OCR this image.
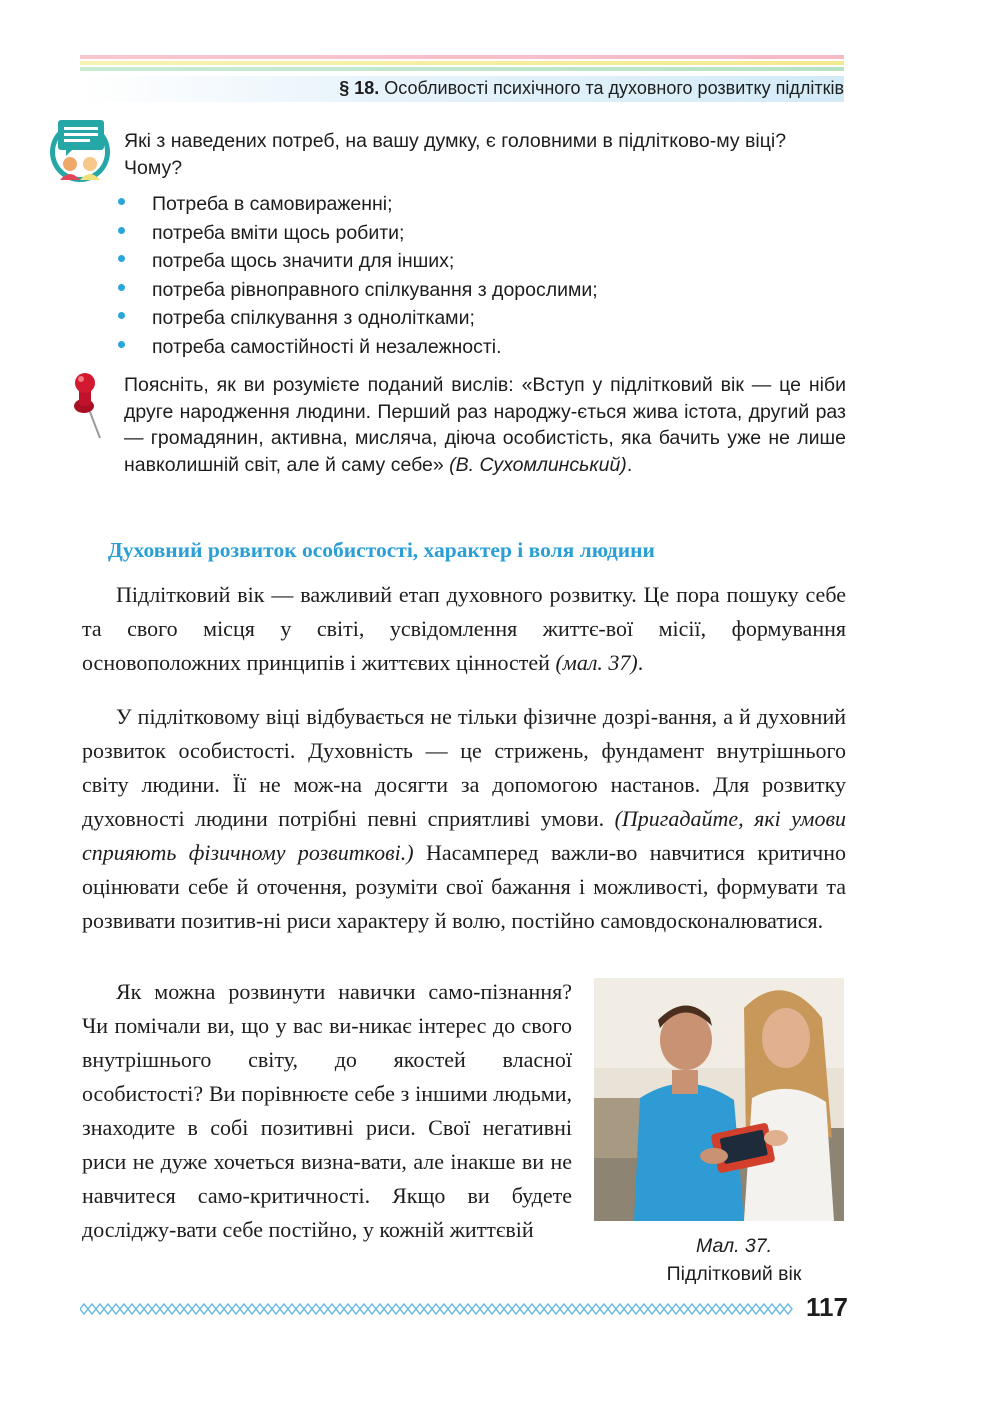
§ 18. Особливості психічного та духовного розвитку підлітків
Які з наведених потреб, на вашу думку, є головними в підлітково-му віці? Чому?
Потреба в самовираженні;
потреба вміти щось робити;
потреба щось значити для інших;
потреба рівноправного спілкування з дорослими;
потреба спілкування з однолітками;
потреба самостійності й незалежності.
Поясніть, як ви розумієте поданий вислів: «Вступ у підлітковий вік — це ніби друге народження людини. Перший раз народжу-ється жива істота, другий раз — громадянин, активна, мисляча, діюча особистість, яка бачить уже не лише навколишній світ, але й саму себе» (В. Сухомлинський).
Духовний розвиток особистості, характер і воля людини
Підлітковий вік — важливий етап духовного розвитку. Це пора пошуку себе та свого місця у світі, усвідомлення життє-вої місії, формування основоположних принципів і життєвих цінностей (мал. 37).
У підлітковому віці відбувається не тільки фізичне дозрі-вання, а й духовний розвиток особистості. Духовність — це стрижень, фундамент внутрішнього світу людини. Її не мож-на досягти за допомогою настанов. Для розвитку духовності людини потрібні певні сприятливі умови. (Пригадайте, які умови сприяють фізичному розвиткові.) Насамперед важли-во навчитися критично оцінювати себе й оточення, розуміти свої бажання і можливості, формувати та розвивати позитив-ні риси характеру й волю, постійно самовдосконалюватися.
Як можна розвинути навички само-пізнання? Чи помічали ви, що у вас ви-никає інтерес до свого внутрішнього світу, до якостей власної особистості? Ви порівнюєте себе з іншими людьми, знаходите в собі позитивні риси. Свої негативні риси не дуже хочеться визна-вати, але інакше ви не навчитеся само-критичності. Якщо ви будете досліджу-вати себе постійно, у кожній життєвій
Мал. 37.
Підлітковий вік
117
